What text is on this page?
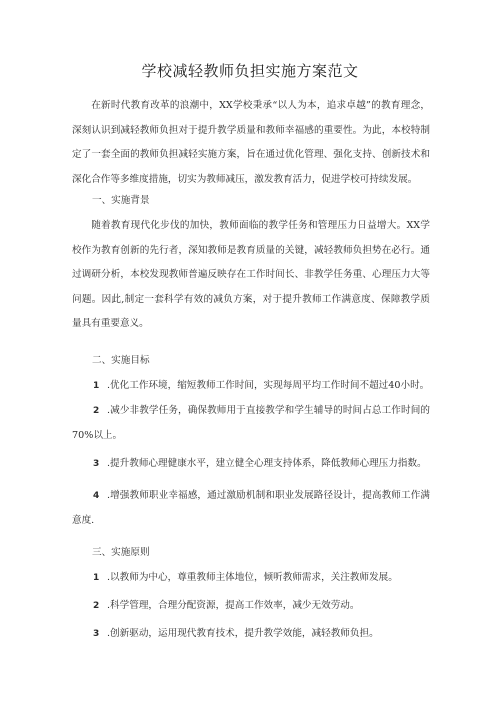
学校减轻教师负担实施方案范文

在新时代教育改革的浪潮中，XX学校秉承“以人为本，追求卓越”的教育理念，深刻认识到减轻教师负担对于提升教学质量和教师幸福感的重要性。为此，本校特制定了一套全面的教师负担减轻实施方案，旨在通过优化管理、强化支持、创新技术和深化合作等多维度措施，切实为教师减压，激发教育活力，促进学校可持续发展。

一、实施背景

随着教育现代化步伐的加快，教师面临的教学任务和管理压力日益增大。XX学校作为教育创新的先行者，深知教师是教育质量的关键，减轻教师负担势在必行。通过调研分析，本校发现教师普遍反映存在工作时间长、非教学任务重、心理压力大等问题。因此,制定一套科学有效的减负方案，对于提升教师工作满意度、保障教学质量具有重要意义。

二、实施目标

1 .优化工作环境，缩短教师工作时间，实现每周平均工作时间不超过40小时。

2 .减少非教学任务，确保教师用于直接教学和学生辅导的时间占总工作时间的70%以上。

3 .提升教师心理健康水平，建立健全心理支持体系，降低教师心理压力指数。

4 .增强教师职业幸福感，通过激励机制和职业发展路径设计，提高教师工作满意度.

三、实施原则

1 .以教师为中心，尊重教师主体地位，倾听教师需求，关注教师发展。

2 .科学管理，合理分配资源，提高工作效率，减少无效劳动。

3 .创新驱动，运用现代教育技术，提升教学效能，减轻教师负担。
